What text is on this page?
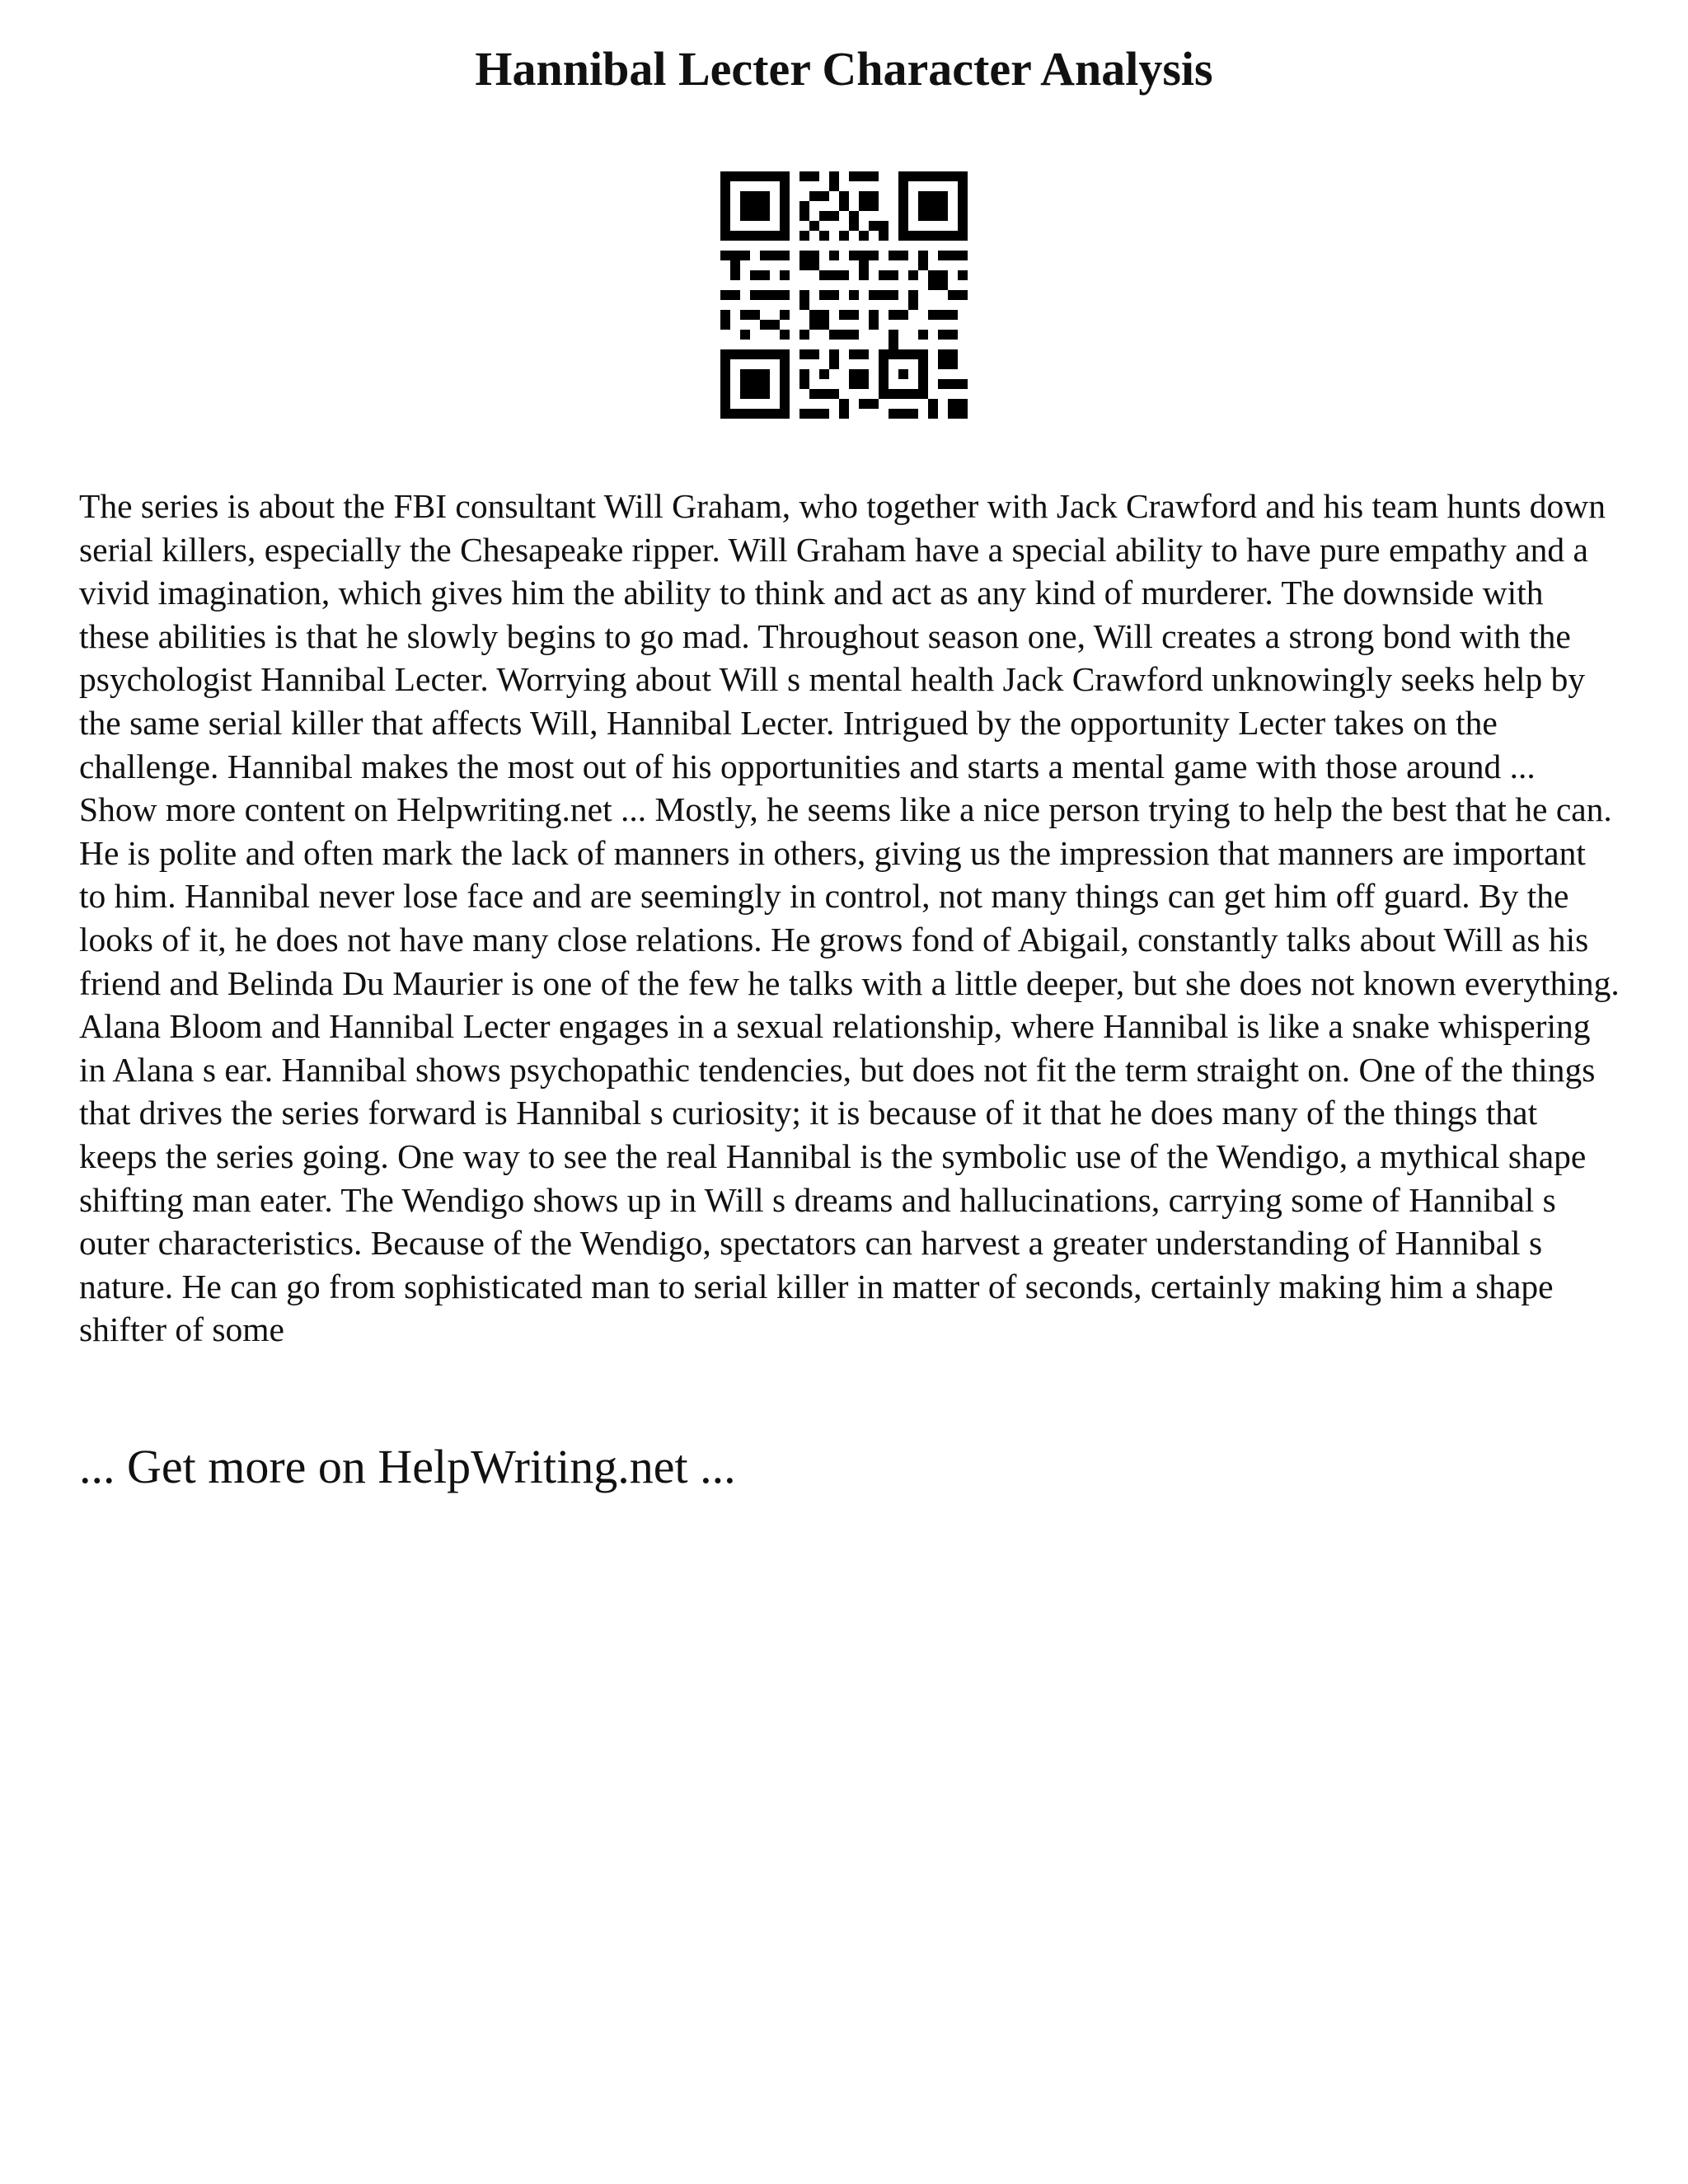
Hannibal Lecter Character Analysis

The series is about the FBI consultant Will Graham, who together with Jack Crawford and his team hunts down serial killers, especially the Chesapeake ripper. Will Graham have a special ability to have pure empathy and a vivid imagination, which gives him the ability to think and act as any kind of murderer. The downside with these abilities is that he slowly begins to go mad. Throughout season one, Will creates a strong bond with the psychologist Hannibal Lecter. Worrying about Will s mental health Jack Crawford unknowingly seeks help by the same serial killer that affects Will, Hannibal Lecter. Intrigued by the opportunity Lecter takes on the challenge. Hannibal makes the most out of his opportunities and starts a mental game with those around ... Show more content on Helpwriting.net ... Mostly, he seems like a nice person trying to help the best that he can. He is polite and often mark the lack of manners in others, giving us the impression that manners are important to him. Hannibal never lose face and are seemingly in control, not many things can get him off guard. By the looks of it, he does not have many close relations. He grows fond of Abigail, constantly talks about Will as his friend and Belinda Du Maurier is one of the few he talks with a little deeper, but she does not known everything. Alana Bloom and Hannibal Lecter engages in a sexual relationship, where Hannibal is like a snake whispering in Alana s ear. Hannibal shows psychopathic tendencies, but does not fit the term straight on. One of the things that drives the series forward is Hannibal s curiosity; it is because of it that he does many of the things that keeps the series going. One way to see the real Hannibal is the symbolic use of the Wendigo, a mythical shape shifting man eater. The Wendigo shows up in Will s dreams and hallucinations, carrying some of Hannibal s outer characteristics. Because of the Wendigo, spectators can harvest a greater understanding of Hannibal s nature. He can go from sophisticated man to serial killer in matter of seconds, certainly making him a shape shifter of some

... Get more on HelpWriting.net ...
